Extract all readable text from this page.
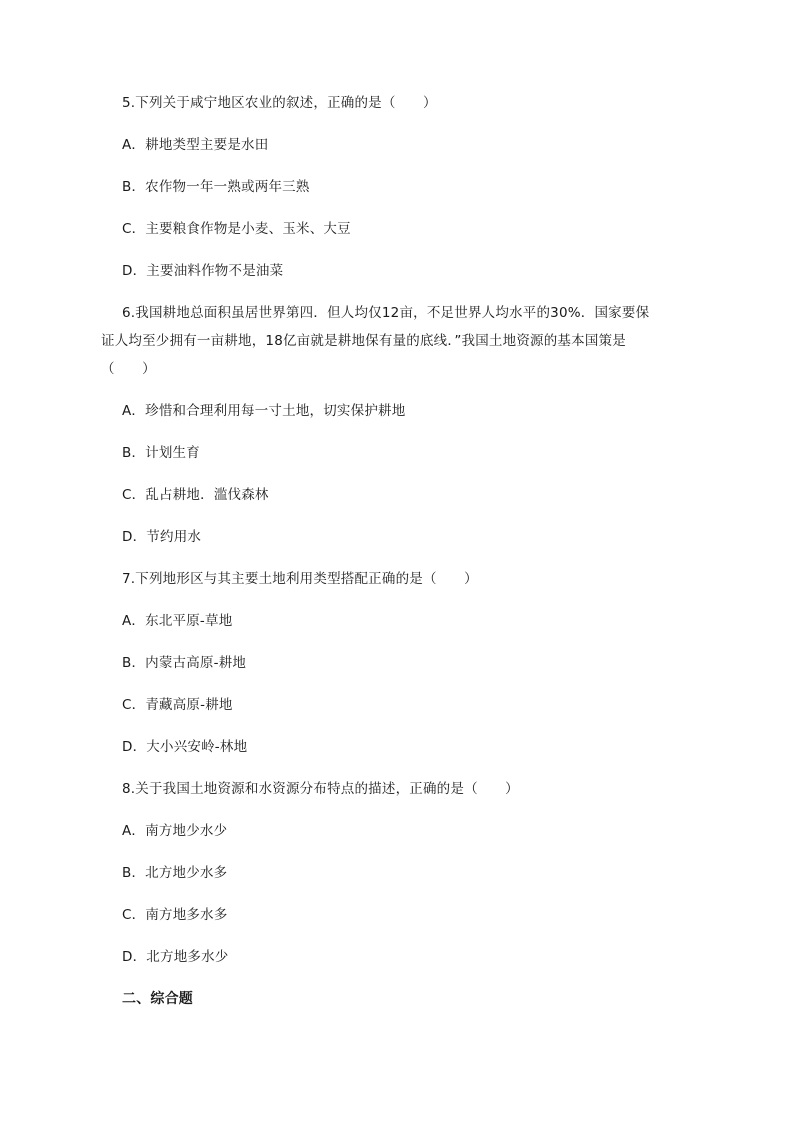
5.下列关于咸宁地区农业的叙述，正确的是（　　）
A．耕地类型主要是水田
B．农作物一年一熟或两年三熟
C．主要粮食作物是小麦、玉米、大豆
D．主要油料作物不是油菜
6.我国耕地总面积虽居世界第四．但人均仅12亩，不足世界人均水平的30%．国家要保
证人均至少拥有一亩耕地，18亿亩就是耕地保有量的底线．”我国土地资源的基本国策是
（　　）
A．珍惜和合理利用每一寸土地，切实保护耕地
B．计划生育
C．乱占耕地．滥伐森林
D．节约用水
7.下列地形区与其主要土地利用类型搭配正确的是（　　）
A．东北平原-草地
B．内蒙古高原-耕地
C．青藏高原-耕地
D．大小兴安岭-林地
8.关于我国土地资源和水资源分布特点的描述，正确的是（　　）
A．南方地少水少
B．北方地少水多
C．南方地多水多
D．北方地多水少
二、综合题
